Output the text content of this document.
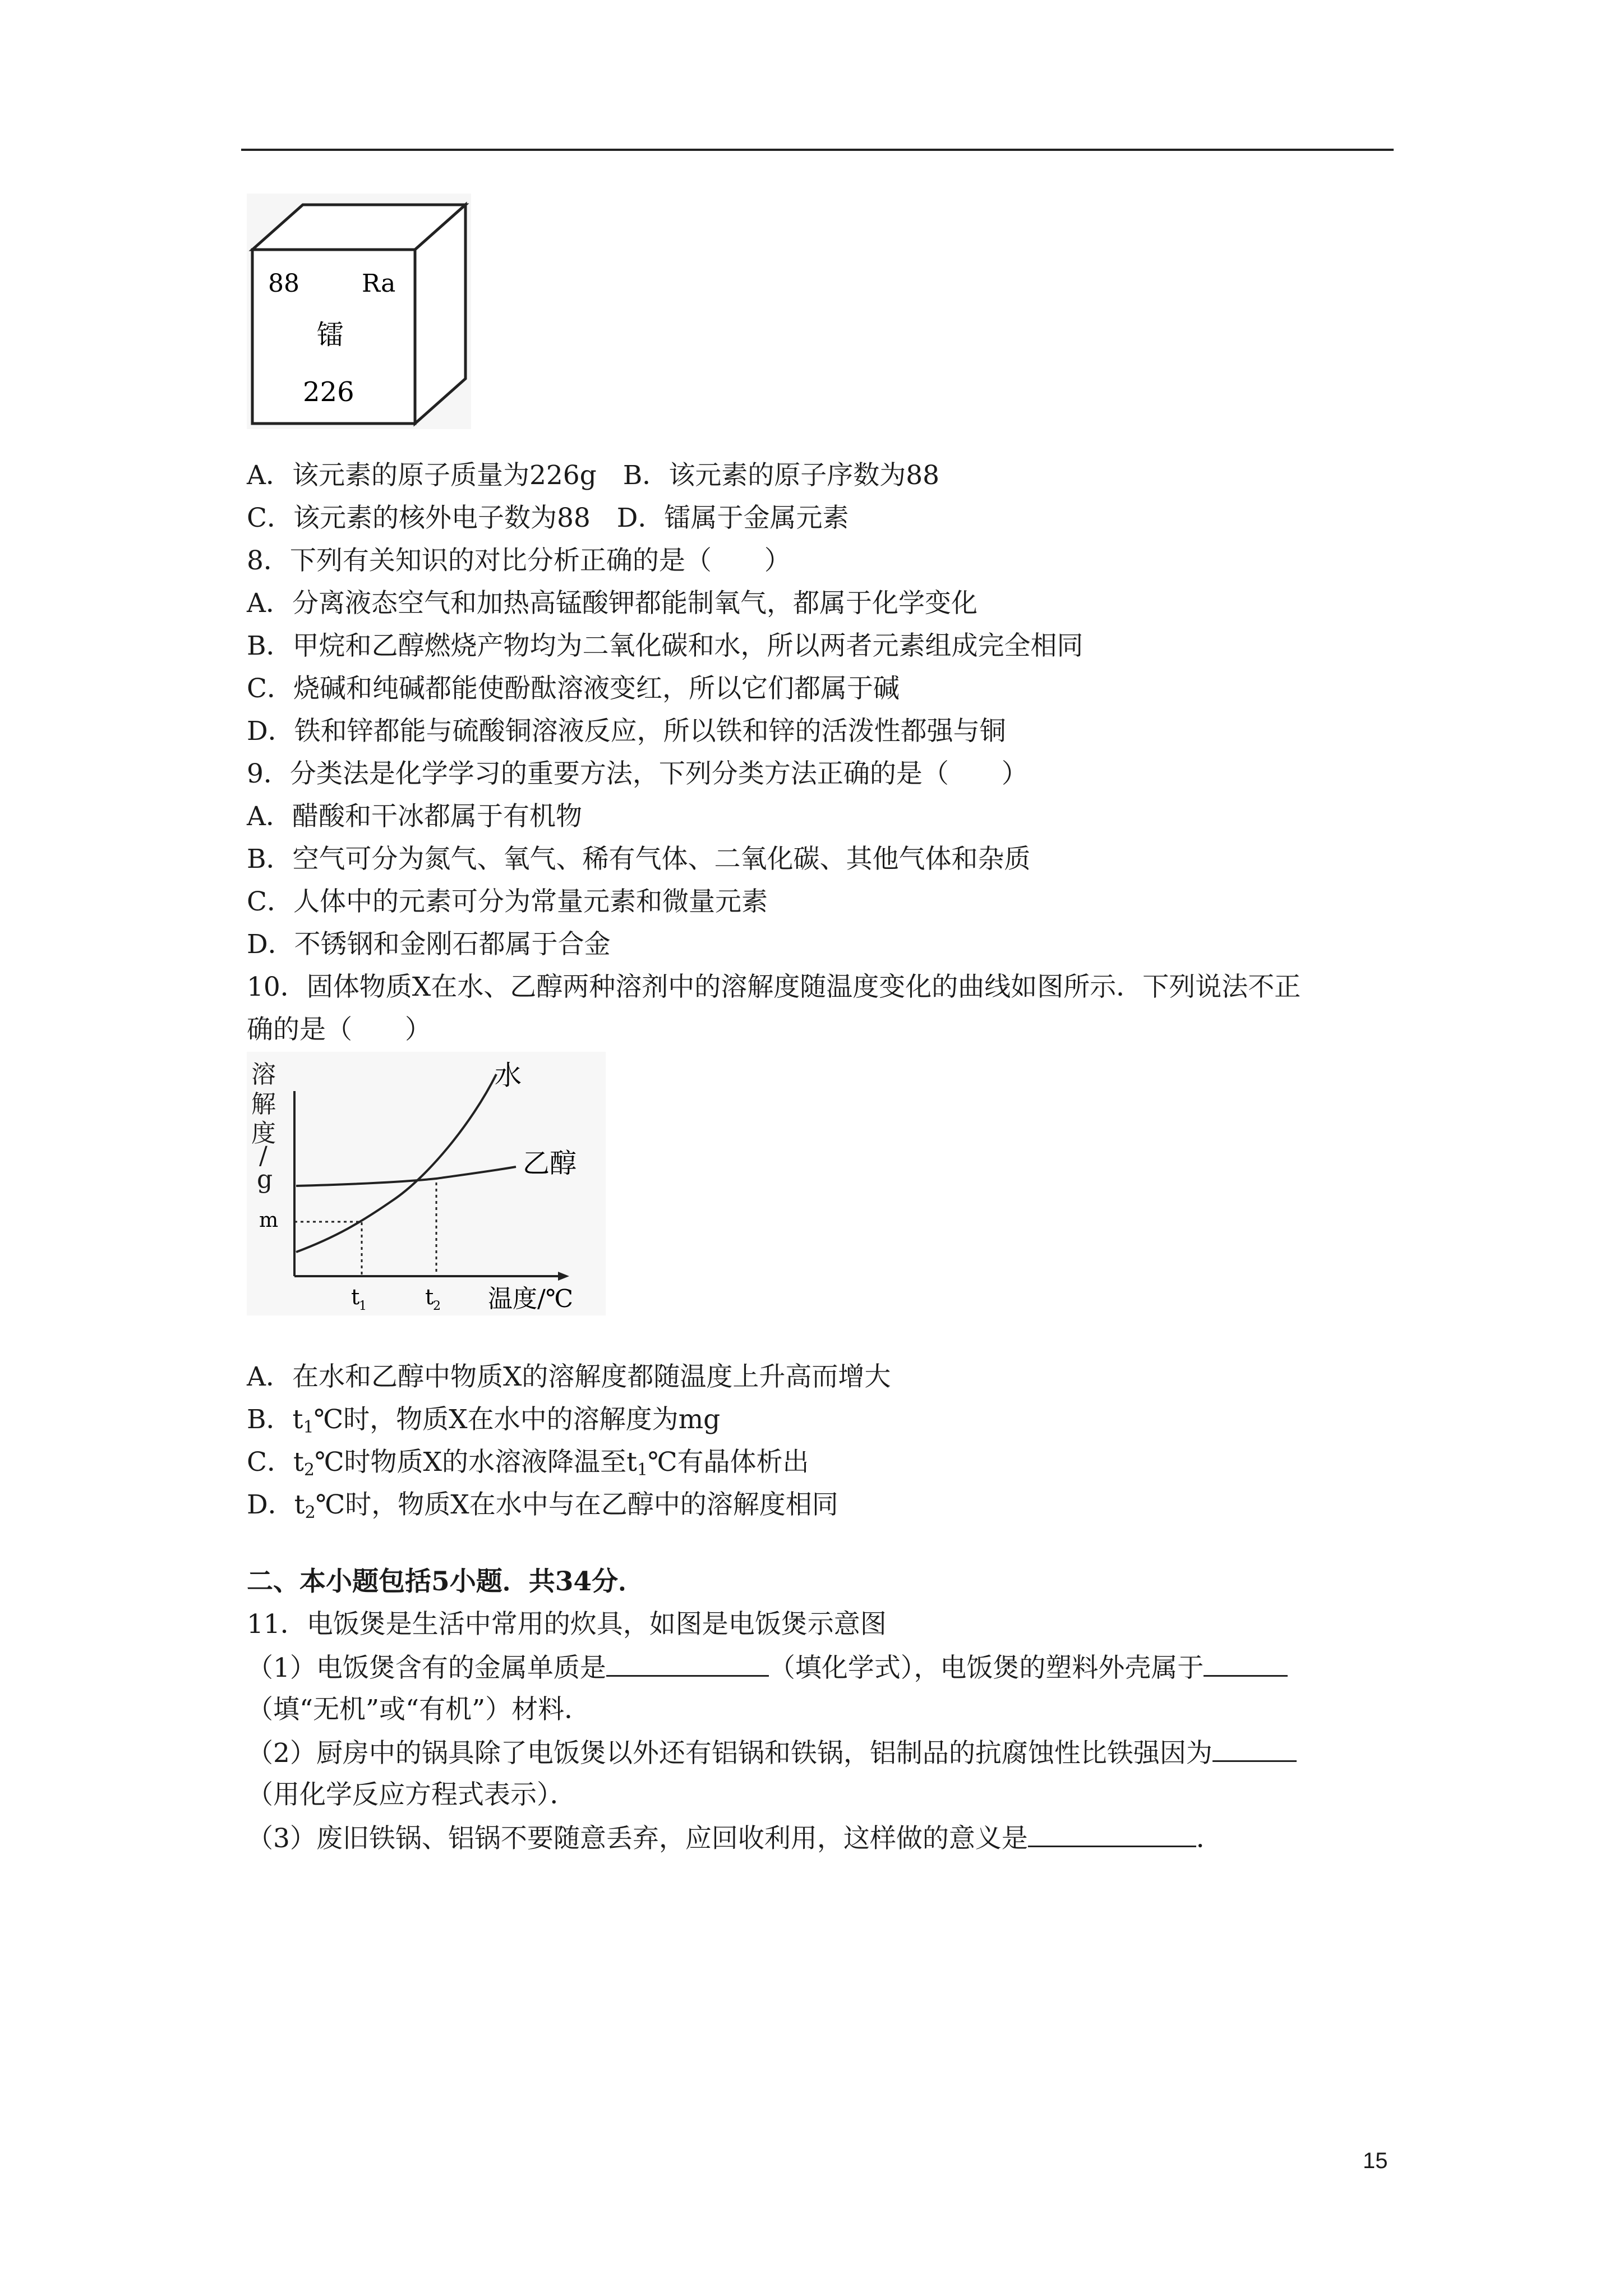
88	Ra
镭
226
A．该元素的原子质量为226g　B．该元素的原子序数为88
C．该元素的核外电子数为88　D．镭属于金属元素
8．下列有关知识的对比分析正确的是（　　）
A．分离液态空气和加热高锰酸钾都能制氧气，都属于化学变化
B．甲烷和乙醇燃烧产物均为二氧化碳和水，所以两者元素组成完全相同
C．烧碱和纯碱都能使酚酞溶液变红，所以它们都属于碱
D．铁和锌都能与硫酸铜溶液反应，所以铁和锌的活泼性都强与铜
9．分类法是化学学习的重要方法，下列分类方法正确的是（　　）
A．醋酸和干冰都属于有机物
B．空气可分为氮气、氧气、稀有气体、二氧化碳、其他气体和杂质
C．人体中的元素可分为常量元素和微量元素
D．不锈钢和金刚石都属于合金
10．固体物质X在水、乙醇两种溶剂中的溶解度随温度变化的曲线如图所示．下列说法不正
确的是（　　）
溶
解
度
/
g
m
水
乙醇
t
1	t
2 温度/℃
A．在水和乙醇中物质X的溶解度都随温度上升高而增大
B．$t_1℃$时，物质X在水中的溶解度为mg
C．$t_2℃$时物质X的水溶液降温至$t_1℃$有晶体析出
D．$t_2℃$时，物质X在水中与在乙醇中的溶解度相同
二、本小题包括5小题．共34分．
11．电饭煲是生活中常用的炊具，如图是电饭煲示意图
（1）电饭煲含有的金属单质是	（填化学式），电饭煲的塑料外壳属于
（填“无机”或“有机”）材料．
（2）厨房中的锅具除了电饭煲以外还有铝锅和铁锅，铝制品的抗腐蚀性比铁强因为
（用化学反应方程式表示）．
（3）废旧铁锅、铝锅不要随意丢弃，应回收利用，这样做的意义是	．
15
